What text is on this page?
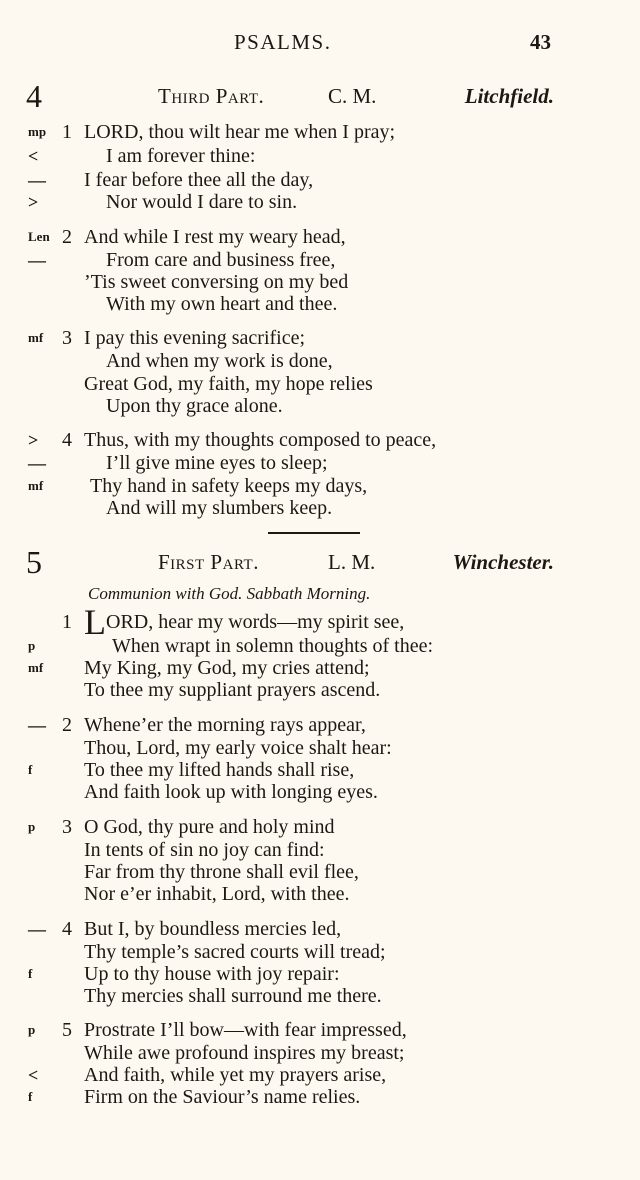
PSALMS.	43
4	Third Part.	C. M.	Litchfield.
mp 1 LORD, thou wilt hear me when I pray;
<	I am forever thine:
— I fear before thee all the day,
>	Nor would I dare to sin.
Len 2 And while I rest my weary head,
—	From care and business free,
’Tis sweet conversing on my bed
With my own heart and thee.
mf 3 I pay this evening sacrifice;
And when my work is done,
Great God, my faith, my hope relies
Upon thy grace alone.
> 4 Thus, with my thoughts composed to peace,
—	I’ll give mine eyes to sleep;
mf Thy hand in safety keeps my days,
And will my slumbers keep.
5	First Part.	L. M.	Winchester.
Communion with God. Sabbath Morning.
1 LORD, hear my words—my spirit see,
p	When wrapt in solemn thoughts of thee:
mf My King, my God, my cries attend;
To thee my suppliant prayers ascend.
— 2 Whene’er the morning rays appear,
Thou, Lord, my early voice shalt hear:
f	To thee my lifted hands shall rise,
And faith look up with longing eyes.
p 3 O God, thy pure and holy mind
In tents of sin no joy can find:
Far from thy throne shall evil flee,
Nor e’er inhabit, Lord, with thee.
— 4 But I, by boundless mercies led,
Thy temple’s sacred courts will tread;
f	Up to thy house with joy repair:
Thy mercies shall surround me there.
p 5 Prostrate I’ll bow—with fear impressed,
While awe profound inspires my breast;
< And faith, while yet my prayers arise,
f	Firm on the Saviour’s name relies.
